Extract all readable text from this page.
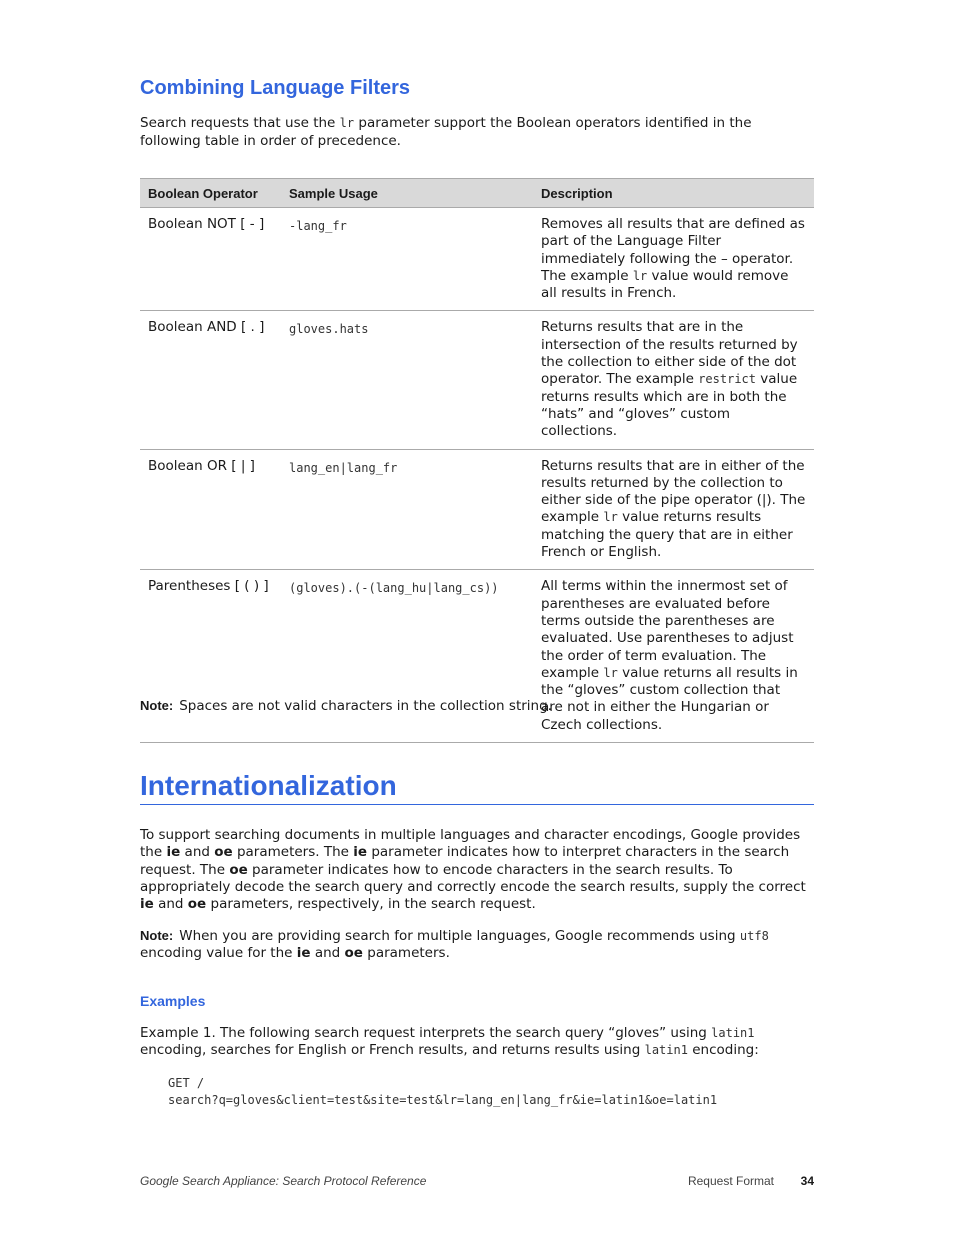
Combining Language Filters
Search requests that use the lr parameter support the Boolean operators identified in the following table in order of precedence.
Boolean Operator	Sample Usage	Description
Boolean NOT [ - ]	-lang_fr	Removes all results that are defined as part of the Language Filter immediately following the – operator. The example lr value would remove all results in French.
Boolean AND [ . ]	gloves.hats	Returns results that are in the intersection of the results returned by the collection to either side of the dot operator. The example restrict value returns results which are in both the “hats” and “gloves” custom collections.
Boolean OR [ | ]	lang_en|lang_fr	Returns results that are in either of the results returned by the collection to either side of the pipe operator (|). The example lr value returns results matching the query that are in either French or English.
Parentheses [ ( ) ]	(gloves).(-(lang_hu|lang_cs))	All terms within the innermost set of parentheses are evaluated before terms outside the parentheses are evaluated. Use parentheses to adjust the order of term evaluation. The example lr value returns all results in the “gloves” custom collection that are not in either the Hungarian or Czech collections.
Note: Spaces are not valid characters in the collection string.
Internationalization
To support searching documents in multiple languages and character encodings, Google provides the ie and oe parameters. The ie parameter indicates how to interpret characters in the search request. The oe parameter indicates how to encode characters in the search results. To appropriately decode the search query and correctly encode the search results, supply the correct ie and oe parameters, respectively, in the search request.
Note: When you are providing search for multiple languages, Google recommends using utf8 encoding value for the ie and oe parameters.
Examples
Example 1. The following search request interprets the search query “gloves” using latin1 encoding, searches for English or French results, and returns results using latin1 encoding:
GET /
search?q=gloves&client=test&site=test&lr=lang_en|lang_fr&ie=latin1&oe=latin1
Google Search Appliance: Search Protocol Reference	Request Format 34
